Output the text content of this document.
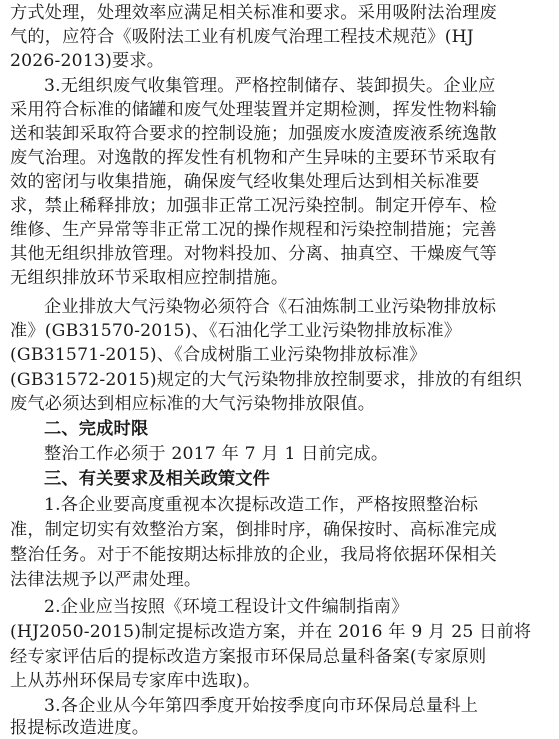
方式处理，处理效率应满足相关标准和要求。采用吸附法治理废
气的，应符合《吸附法工业有机废气治理工程技术规范》(HJ
2026-2013)要求。
3.无组织废气收集管理。严格控制储存、装卸损失。企业应
采用符合标准的储罐和废气处理装置并定期检测，挥发性物料输
送和装卸采取符合要求的控制设施；加强废水废渣废液系统逸散
废气治理。对逸散的挥发性有机物和产生异味的主要环节采取有
效的密闭与收集措施，确保废气经收集处理后达到相关标准要
求，禁止稀释排放；加强非正常工况污染控制。制定开停车、检
维修、生产异常等非正常工况的操作规程和污染控制措施；完善
其他无组织排放管理。对物料投加、分离、抽真空、干燥废气等
无组织排放环节采取相应控制措施。
企业排放大气污染物必须符合《石油炼制工业污染物排放标
准》(GB31570-2015)、《石油化学工业污染物排放标准》
(GB31571-2015)、《合成树脂工业污染物排放标准》
(GB31572-2015)规定的大气污染物排放控制要求，排放的有组织
废气必须达到相应标准的大气污染物排放限值。
二、完成时限
整治工作必须于 2017 年 7 月 1 日前完成。
三、有关要求及相关政策文件
1.各企业要高度重视本次提标改造工作，严格按照整治标
准，制定切实有效整治方案，倒排时序，确保按时、高标准完成
整治任务。对于不能按期达标排放的企业，我局将依据环保相关
法律法规予以严肃处理。
2.企业应当按照《环境工程设计文件编制指南》
(HJ2050-2015)制定提标改造方案，并在 2016 年 9 月 25 日前将
经专家评估后的提标改造方案报市环保局总量科备案(专家原则
上从苏州环保局专家库中选取)。
3.各企业从今年第四季度开始按季度向市环保局总量科上
报提标改造进度。
